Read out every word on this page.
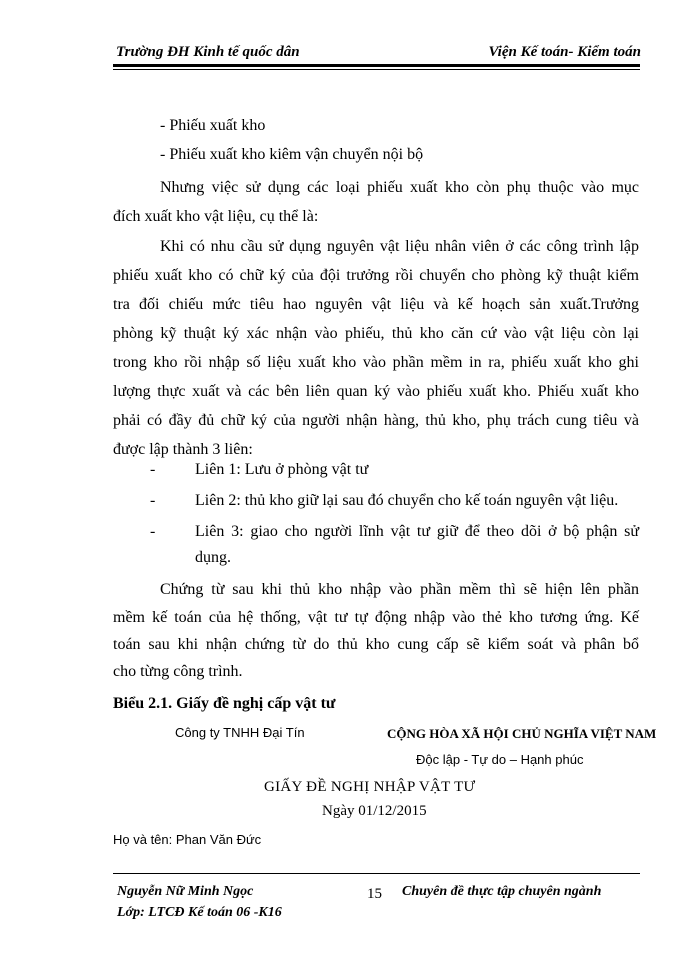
Trường ĐH Kinh tế quốc dân	Viện Kế toán- Kiểm toán
- Phiếu xuất kho
- Phiếu xuất kho kiêm vận chuyển nội bộ
Nhưng việc sử dụng các loại phiếu xuất kho còn phụ thuộc vào mục
đích xuất kho vật liệu, cụ thể là:
Khi có nhu cầu sử dụng nguyên vật liệu nhân viên ở các công trình lập
phiếu xuất kho có chữ ký của đội trưởng rồi chuyển cho phòng kỹ thuật kiểm
tra đối chiếu mức tiêu hao nguyên vật liệu và kế hoạch sản xuất.Trưởng
phòng kỹ thuật ký xác nhận vào phiếu, thủ kho căn cứ vào vật liệu còn lại
trong kho rồi nhập số liệu xuất kho vào phần mềm in ra, phiếu xuất kho ghi
lượng thực xuất và các bên liên quan ký vào phiếu xuất kho. Phiếu xuất kho
phải có đầy đủ chữ ký của người nhận hàng, thủ kho, phụ trách cung tiêu và
được lập thành 3 liên:
- Liên 1: Lưu ở phòng vật tư
- Liên 2: thủ kho giữ lại sau đó chuyển cho kế toán nguyên vật liệu.
- Liên 3: giao cho người lĩnh vật tư giữ để theo dõi ở bộ phận sử
dụng.
Chứng từ sau khi thủ kho nhập vào phần mềm thì sẽ hiện lên phần
mềm kế toán của hệ thống, vật tư tự động nhập vào thẻ kho tương ứng. Kế
toán sau khi nhận chứng từ do thủ kho cung cấp sẽ kiểm soát và phân bổ
cho từng công trình.
Biểu 2.1. Giấy đề nghị cấp vật tư
Công ty TNHH Đại Tín	CỘNG HÒA XÃ HỘI CHỦ NGHĨA VIỆT NAM
Độc lập - Tự do – Hạnh phúc
GIẤY ĐỀ NGHỊ NHẬP VẬT TƯ
Ngày 01/12/2015
Họ và tên: Phan Văn Đức
Nguyễn Nữ Minh Ngọc
Lớp: LTCĐ Kế toán 06 -K16
15 Chuyên đề thực tập chuyên ngành
